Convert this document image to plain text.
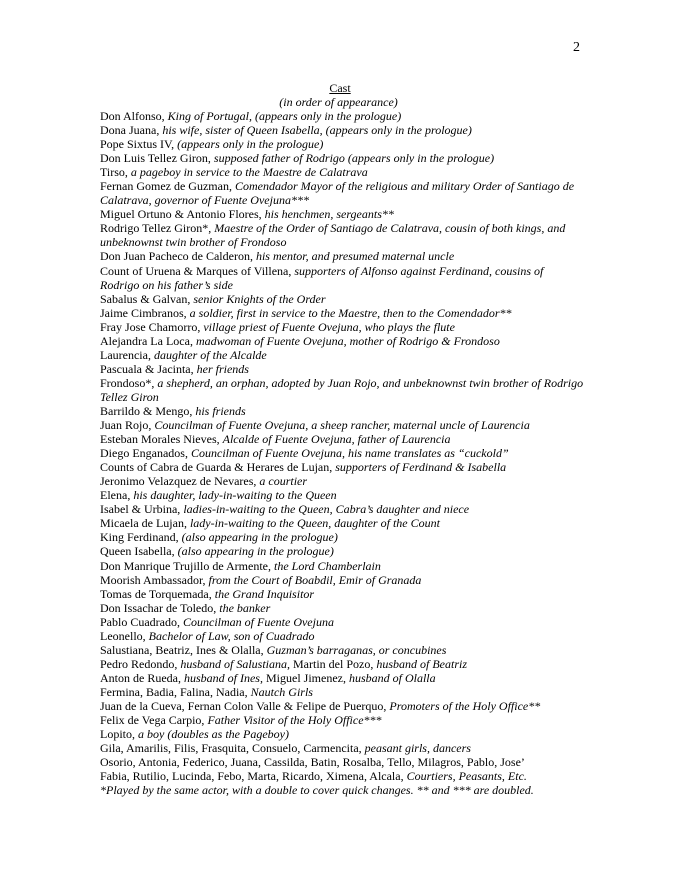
2
Cast
(in order of appearance)
Don Alfonso, King of Portugal, (appears only in the prologue)
Dona Juana, his wife, sister of Queen Isabella, (appears only in the prologue)
Pope Sixtus IV, (appears only in the prologue)
Don Luis Tellez Giron, supposed father of Rodrigo (appears only in the prologue)
Tirso, a pageboy in service to the Maestre de Calatrava
Fernan Gomez de Guzman, Comendador Mayor of the religious and military Order of Santiago de Calatrava, governor of Fuente Ovejuna***
Miguel Ortuno & Antonio Flores, his henchmen, sergeants**
Rodrigo Tellez Giron*, Maestre of the Order of Santiago de Calatrava, cousin of both kings, and unbeknownst twin brother of Frondoso
Don Juan Pacheco de Calderon, his mentor, and presumed maternal uncle
Count of Uruena & Marques of Villena, supporters of Alfonso against Ferdinand, cousins of Rodrigo on his father’s side
Sabalus & Galvan, senior Knights of the Order
Jaime Cimbranos, a soldier, first in service to the Maestre, then to the Comendador**
Fray Jose Chamorro, village priest of Fuente Ovejuna, who plays the flute
Alejandra La Loca, madwoman of Fuente Ovejuna, mother of Rodrigo & Frondoso
Laurencia, daughter of the Alcalde
Pascuala & Jacinta, her friends
Frondoso*, a shepherd, an orphan, adopted by Juan Rojo, and unbeknownst twin brother of Rodrigo Tellez Giron
Barrildo & Mengo, his friends
Juan Rojo, Councilman of Fuente Ovejuna, a sheep rancher, maternal uncle of Laurencia
Esteban Morales Nieves, Alcalde of Fuente Ovejuna, father of Laurencia
Diego Enganados, Councilman of Fuente Ovejuna, his name translates as “cuckold”
Counts of Cabra de Guarda & Herares de Lujan, supporters of Ferdinand & Isabella
Jeronimo Velazquez de Nevares, a courtier
Elena, his daughter, lady-in-waiting to the Queen
Isabel & Urbina, ladies-in-waiting to the Queen, Cabra’s daughter and niece
Micaela de Lujan, lady-in-waiting to the Queen, daughter of the Count
King Ferdinand, (also appearing in the prologue)
Queen Isabella, (also appearing in the prologue)
Don Manrique Trujillo de Armente, the Lord Chamberlain
Moorish Ambassador, from the Court of Boabdil, Emir of Granada
Tomas de Torquemada, the Grand Inquisitor
Don Issachar de Toledo, the banker
Pablo Cuadrado, Councilman of Fuente Ovejuna
Leonello, Bachelor of Law, son of Cuadrado
Salustiana, Beatriz, Ines & Olalla, Guzman’s barraganas, or concubines
Pedro Redondo, husband of Salustiana, Martin del Pozo, husband of Beatriz
Anton de Rueda, husband of Ines, Miguel Jimenez, husband of Olalla
Fermina, Badia, Falina, Nadia, Nautch Girls
Juan de la Cueva, Fernan Colon Valle & Felipe de Puerquo, Promoters of the Holy Office**
Felix de Vega Carpio, Father Visitor of the Holy Office***
Lopito, a boy (doubles as the Pageboy)
Gila, Amarilis, Filis, Frasquita, Consuelo, Carmencita, peasant girls, dancers
Osorio, Antonia, Federico, Juana, Cassilda, Batin, Rosalba, Tello, Milagros, Pablo, Jose’
Fabia, Rutilio, Lucinda, Febo, Marta, Ricardo, Ximena, Alcala, Courtiers, Peasants, Etc.
*Played by the same actor, with a double to cover quick changes. ** and *** are doubled.
